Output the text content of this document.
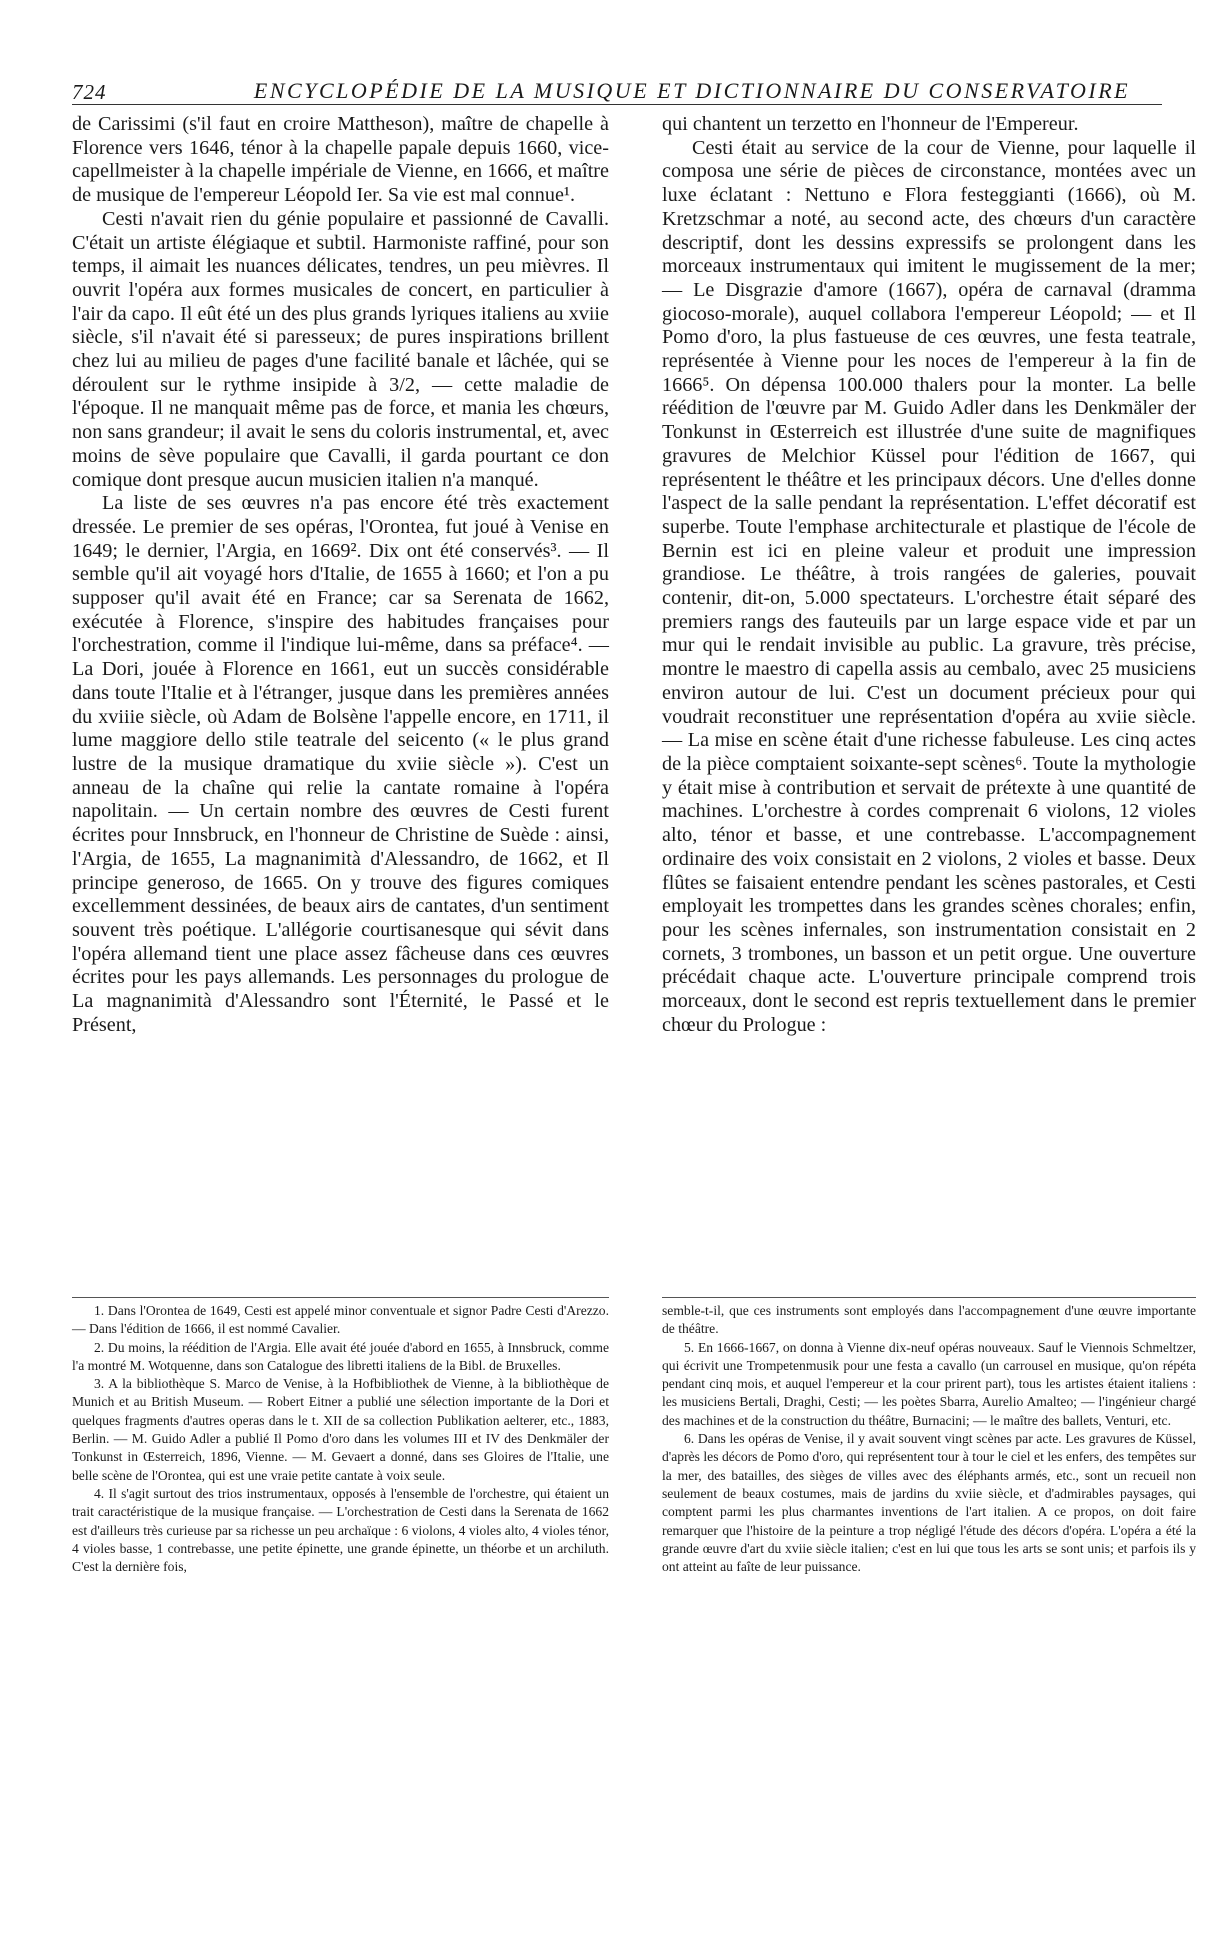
724	ENCYCLOPÉDIE DE LA MUSIQUE ET DICTIONNAIRE DU CONSERVATOIRE

de Carissimi (s'il faut en croire Mattheson), maître de chapelle à Florence vers 1646, ténor à la chapelle papale depuis 1660, vice-capellmeister à la chapelle impériale de Vienne, en 1666, et maître de musique de l'empereur Léopold Ier. Sa vie est mal connue¹.

Cesti n'avait rien du génie populaire et passionné de Cavalli. C'était un artiste élégiaque et subtil. Harmoniste raffiné, pour son temps, il aimait les nuances délicates, tendres, un peu mièvres. Il ouvrit l'opéra aux formes musicales de concert, en particulier à l'air da capo. Il eût été un des plus grands lyriques italiens au xviie siècle, s'il n'avait été si paresseux; de pures inspirations brillent chez lui au milieu de pages d'une facilité banale et lâchée, qui se déroulent sur le rythme insipide à 3/2, — cette maladie de l'époque. Il ne manquait même pas de force, et mania les chœurs, non sans grandeur; il avait le sens du coloris instrumental, et, avec moins de sève populaire que Cavalli, il garda pourtant ce don comique dont presque aucun musicien italien n'a manqué.

La liste de ses œuvres n'a pas encore été très exactement dressée. Le premier de ses opéras, l'Orontea, fut joué à Venise en 1649; le dernier, l'Argia, en 1669². Dix ont été conservés³. — Il semble qu'il ait voyagé hors d'Italie, de 1655 à 1660; et l'on a pu supposer qu'il avait été en France; car sa Serenata de 1662, exécutée à Florence, s'inspire des habitudes françaises pour l'orchestration, comme il l'indique lui-même, dans sa préface⁴. — La Dori, jouée à Florence en 1661, eut un succès considérable dans toute l'Italie et à l'étranger, jusque dans les premières années du xviiie siècle, où Adam de Bolsène l'appelle encore, en 1711, il lume maggiore dello stile teatrale del seicento (« le plus grand lustre de la musique dramatique du xviie siècle »). C'est un anneau de la chaîne qui relie la cantate romaine à l'opéra napolitain. — Un certain nombre des œuvres de Cesti furent écrites pour Innsbruck, en l'honneur de Christine de Suède : ainsi, l'Argia, de 1655, La magnanimità d'Alessandro, de 1662, et Il principe generoso, de 1665. On y trouve des figures comiques excellemment dessinées, de beaux airs de cantates, d'un sentiment souvent très poétique. L'allégorie courtisanesque qui sévit dans l'opéra allemand tient une place assez fâcheuse dans ces œuvres écrites pour les pays allemands. Les personnages du prologue de La magnanimità d'Alessandro sont l'Éternité, le Passé et le Présent,

qui chantent un terzetto en l'honneur de l'Empereur.

Cesti était au service de la cour de Vienne, pour laquelle il composa une série de pièces de circonstance, montées avec un luxe éclatant : Nettuno e Flora festeggianti (1666), où M. Kretzschmar a noté, au second acte, des chœurs d'un caractère descriptif, dont les dessins expressifs se prolongent dans les morceaux instrumentaux qui imitent le mugissement de la mer; — Le Disgrazie d'amore (1667), opéra de carnaval (dramma giocoso-morale), auquel collabora l'empereur Léopold; — et Il Pomo d'oro, la plus fastueuse de ces œuvres, une festa teatrale, représentée à Vienne pour les noces de l'empereur à la fin de 1666⁵. On dépensa 100.000 thalers pour la monter. La belle réédition de l'œuvre par M. Guido Adler dans les Denkmäler der Tonkunst in Œsterreich est illustrée d'une suite de magnifiques gravures de Melchior Küssel pour l'édition de 1667, qui représentent le théâtre et les principaux décors. Une d'elles donne l'aspect de la salle pendant la représentation. L'effet décoratif est superbe. Toute l'emphase architecturale et plastique de l'école de Bernin est ici en pleine valeur et produit une impression grandiose. Le théâtre, à trois rangées de galeries, pouvait contenir, dit-on, 5.000 spectateurs. L'orchestre était séparé des premiers rangs des fauteuils par un large espace vide et par un mur qui le rendait invisible au public. La gravure, très précise, montre le maestro di capella assis au cembalo, avec 25 musiciens environ autour de lui. C'est un document précieux pour qui voudrait reconstituer une représentation d'opéra au xviie siècle. — La mise en scène était d'une richesse fabuleuse. Les cinq actes de la pièce comptaient soixante-sept scènes⁶. Toute la mythologie y était mise à contribution et servait de prétexte à une quantité de machines. L'orchestre à cordes comprenait 6 violons, 12 violes alto, ténor et basse, et une contrebasse. L'accompagnement ordinaire des voix consistait en 2 violons, 2 violes et basse. Deux flûtes se faisaient entendre pendant les scènes pastorales, et Cesti employait les trompettes dans les grandes scènes chorales; enfin, pour les scènes infernales, son instrumentation consistait en 2 cornets, 3 trombones, un basson et un petit orgue. Une ouverture précédait chaque acte. L'ouverture principale comprend trois morceaux, dont le second est repris textuellement dans le premier chœur du Prologue :

1. Dans l'Orontea de 1649, Cesti est appelé minor conventuale et signor Padre Cesti d'Arezzo. — Dans l'édition de 1666, il est nommé Cavalier.

2. Du moins, la réédition de l'Argia. Elle avait été jouée d'abord en 1655, à Innsbruck, comme l'a montré M. Wotquenne, dans son Catalogue des libretti italiens de la Bibl. de Bruxelles.

3. A la bibliothèque S. Marco de Venise, à la Hofbibliothek de Vienne, à la bibliothèque de Munich et au British Museum. — Robert Eitner a publié une sélection importante de la Dori et quelques fragments d'autres operas dans le t. XII de sa collection Publikation aelterer, etc., 1883, Berlin. — M. Guido Adler a publié Il Pomo d'oro dans les volumes III et IV des Denkmäler der Tonkunst in Œsterreich, 1896, Vienne. — M. Gevaert a donné, dans ses Gloires de l'Italie, une belle scène de l'Orontea, qui est une vraie petite cantate à voix seule.

4. Il s'agit surtout des trios instrumentaux, opposés à l'ensemble de l'orchestre, qui étaient un trait caractéristique de la musique française. — L'orchestration de Cesti dans la Serenata de 1662 est d'ailleurs très curieuse par sa richesse un peu archaïque : 6 violons, 4 violes alto, 4 violes ténor, 4 violes basse, 1 contrebasse, une petite épinette, une grande épinette, un théorbe et un archiluth. C'est la dernière fois,

semble-t-il, que ces instruments sont employés dans l'accompagnement d'une œuvre importante de théâtre.

5. En 1666-1667, on donna à Vienne dix-neuf opéras nouveaux. Sauf le Viennois Schmeltzer, qui écrivit une Trompetenmusik pour une festa a cavallo (un carrousel en musique, qu'on répéta pendant cinq mois, et auquel l'empereur et la cour prirent part), tous les artistes étaient italiens : les musiciens Bertali, Draghi, Cesti; — les poètes Sbarra, Aurelio Amalteo; — l'ingénieur chargé des machines et de la construction du théâtre, Burnacini; — le maître des ballets, Venturi, etc.

6. Dans les opéras de Venise, il y avait souvent vingt scènes par acte. Les gravures de Küssel, d'après les décors de Pomo d'oro, qui représentent tour à tour le ciel et les enfers, des tempêtes sur la mer, des batailles, des sièges de villes avec des éléphants armés, etc., sont un recueil non seulement de beaux costumes, mais de jardins du xviie siècle, et d'admirables paysages, qui comptent parmi les plus charmantes inventions de l'art italien. A ce propos, on doit faire remarquer que l'histoire de la peinture a trop négligé l'étude des décors d'opéra. L'opéra a été la grande œuvre d'art du xviie siècle italien; c'est en lui que tous les arts se sont unis; et parfois ils y ont atteint au faîte de leur puissance.
